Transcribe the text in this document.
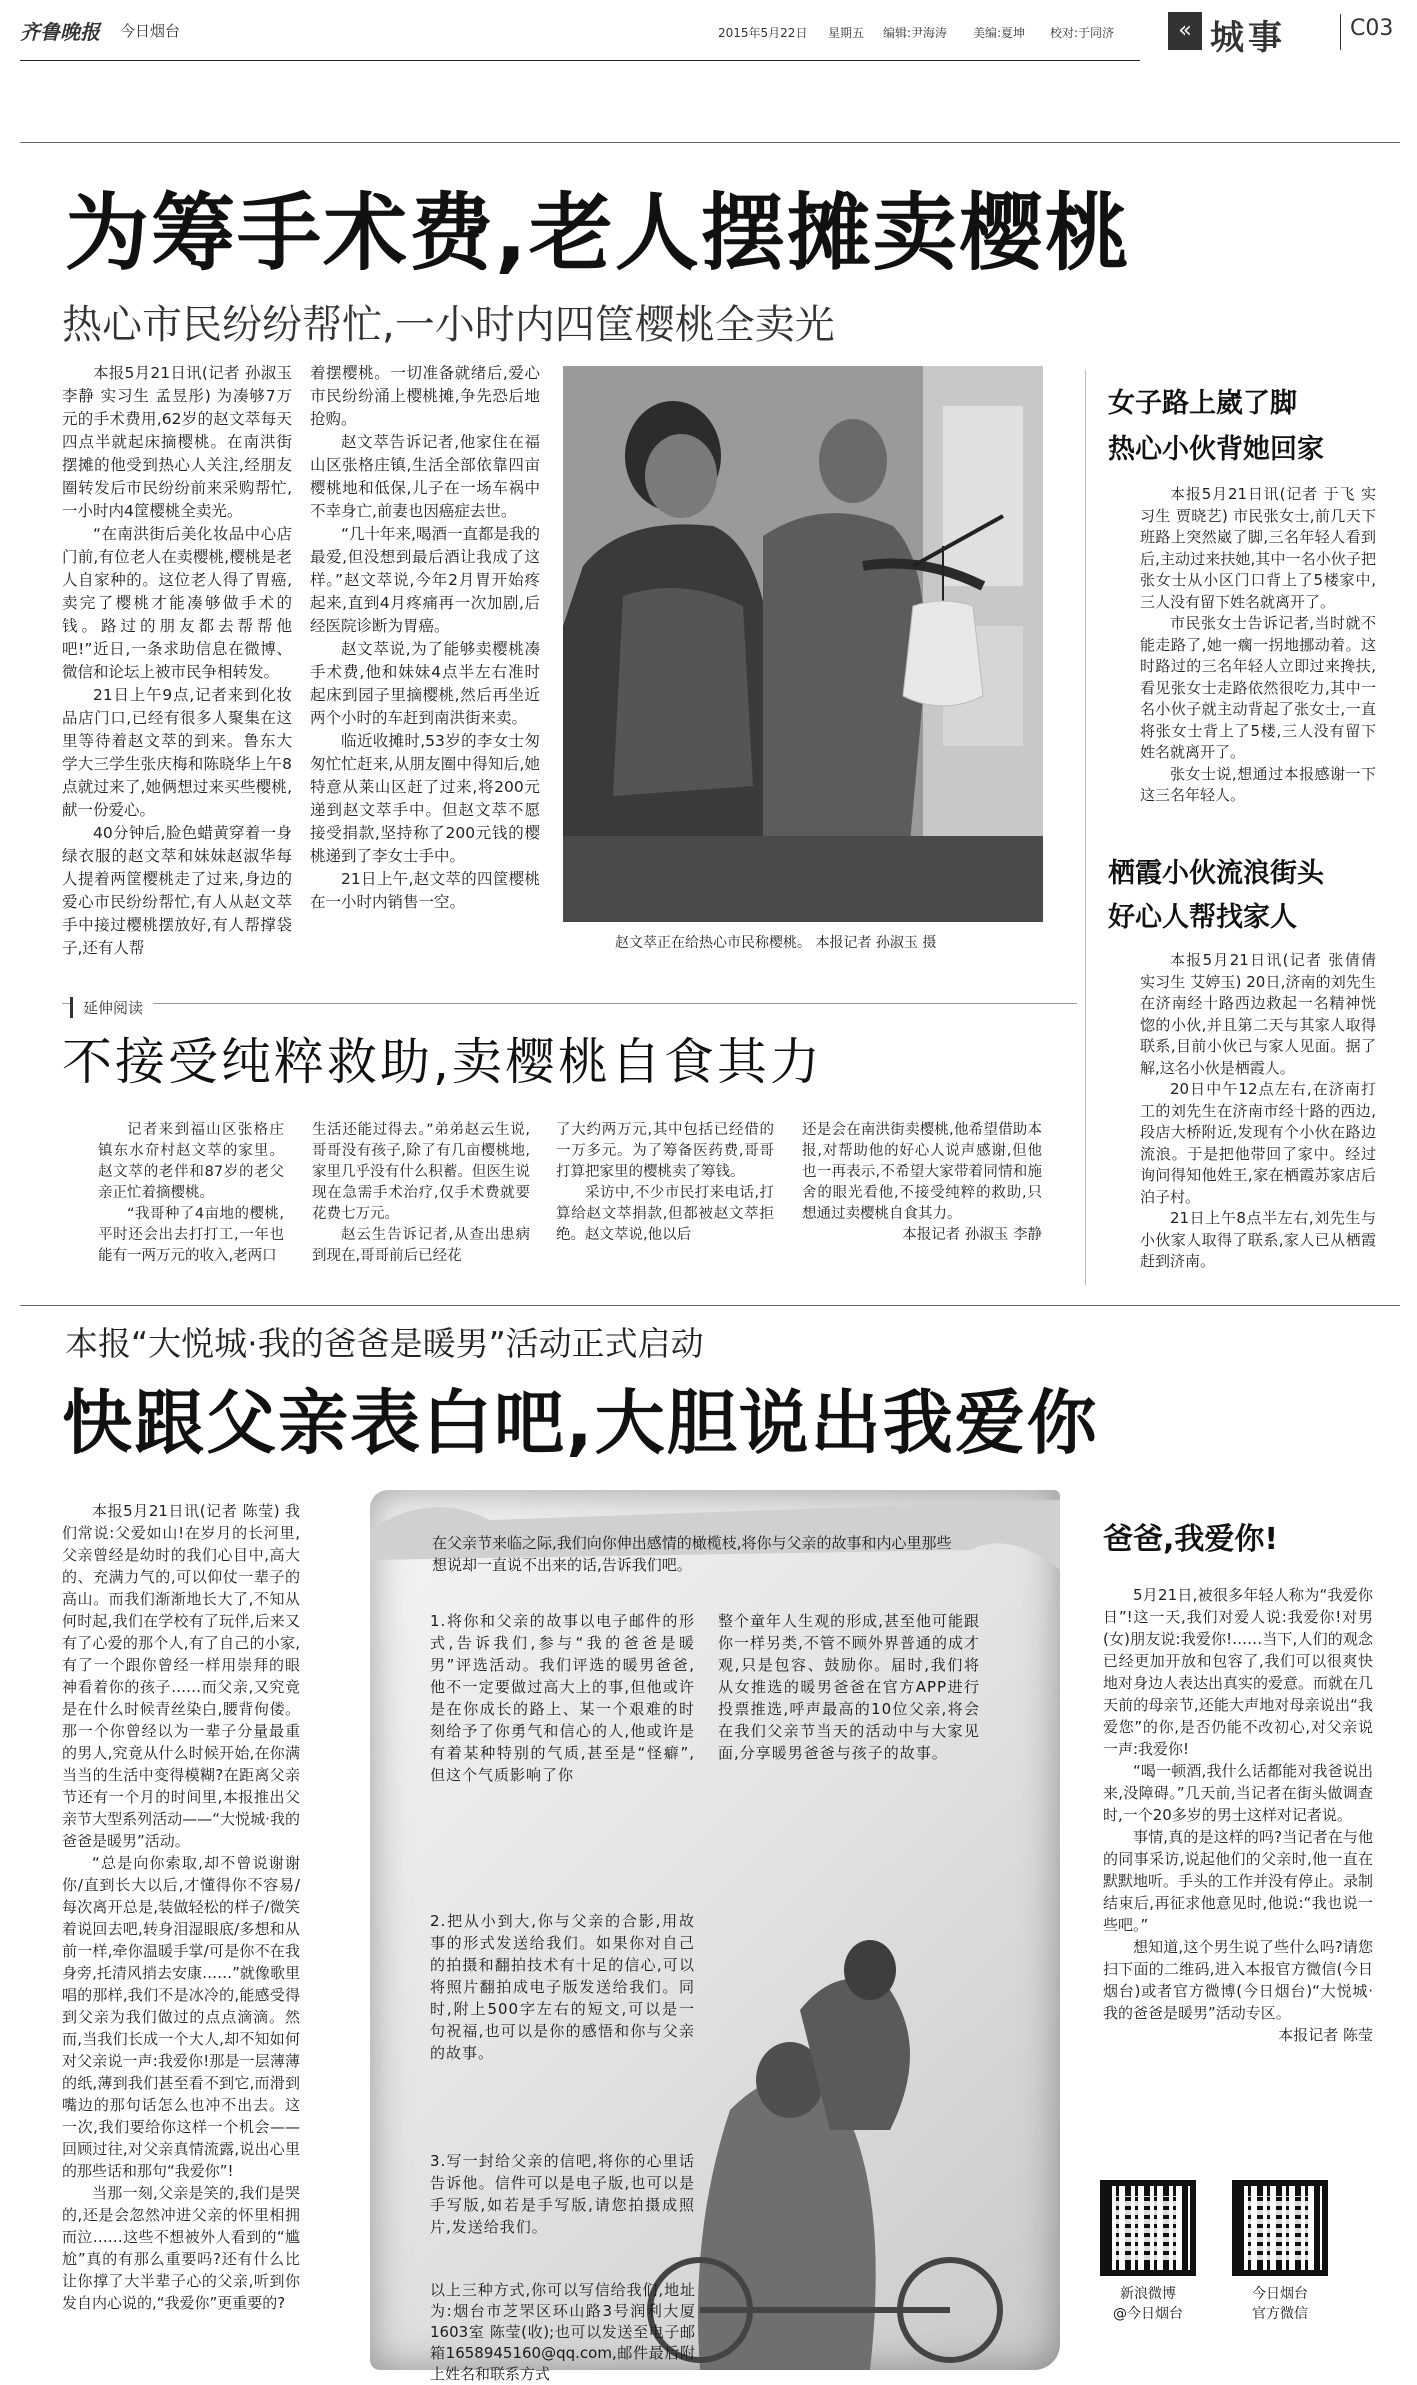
齐鲁晚报 今日烟台	2015年5月22日 星期五 编辑:尹海涛 美编:夏坤 校对:于同济	« 城事	C03
为筹手术费,老人摆摊卖樱桃
热心市民纷纷帮忙,一小时内四筐樱桃全卖光

本报5月21日讯(记者 孙淑玉 李静 实习生 孟昱彤) 为凑够7万元的手术费用,62岁的赵文萃每天四点半就起床摘樱桃。在南洪街摆摊的他受到热心人关注,经朋友圈转发后市民纷纷前来采购帮忙,一小时内4筐樱桃全卖光。

“在南洪街后美化妆品中心店门前,有位老人在卖樱桃,樱桃是老人自家种的。这位老人得了胃癌,卖完了樱桃才能凑够做手术的钱。路过的朋友都去帮帮他吧!”近日,一条求助信息在微博、微信和论坛上被市民争相转发。

21日上午9点,记者来到化妆品店门口,已经有很多人聚集在这里等待着赵文萃的到来。鲁东大学大三学生张庆梅和陈晓华上午8点就过来了,她俩想过来买些樱桃,献一份爱心。

40分钟后,脸色蜡黄穿着一身绿衣服的赵文萃和妹妹赵淑华每人提着两筐樱桃走了过来,身边的爱心市民纷纷帮忙,有人从赵文萃手中接过樱桃摆放好,有人帮撑袋子,还有人帮

着摆樱桃。一切准备就绪后,爱心市民纷纷涌上樱桃摊,争先恐后地抢购。

赵文萃告诉记者,他家住在福山区张格庄镇,生活全部依靠四亩樱桃地和低保,儿子在一场车祸中不幸身亡,前妻也因癌症去世。

“几十年来,喝酒一直都是我的最爱,但没想到最后酒让我成了这样。”赵文萃说,今年2月胃开始疼起来,直到4月疼痛再一次加剧,后经医院诊断为胃癌。

赵文萃说,为了能够卖樱桃凑手术费,他和妹妹4点半左右准时起床到园子里摘樱桃,然后再坐近两个小时的车赶到南洪街来卖。

临近收摊时,53岁的李女士匆匆忙忙赶来,从朋友圈中得知后,她特意从莱山区赶了过来,将200元递到赵文萃手中。但赵文萃不愿接受捐款,坚持称了200元钱的樱桃递到了李女士手中。

21日上午,赵文萃的四筐樱桃在一小时内销售一空。

赵文萃正在给热心市民称樱桃。 本报记者 孙淑玉 摄
女子路上崴了脚
热心小伙背她回家

本报5月21日讯(记者 于飞 实习生 贾晓艺) 市民张女士,前几天下班路上突然崴了脚,三名年轻人看到后,主动过来扶她,其中一名小伙子把张女士从小区门口背上了5楼家中,三人没有留下姓名就离开了。

市民张女士告诉记者,当时就不能走路了,她一瘸一拐地挪动着。这时路过的三名年轻人立即过来搀扶,看见张女士走路依然很吃力,其中一名小伙子就主动背起了张女士,一直将张女士背上了5楼,三人没有留下姓名就离开了。

张女士说,想通过本报感谢一下这三名年轻人。

栖霞小伙流浪街头
好心人帮找家人

本报5月21日讯(记者 张倩倩 实习生 艾婷玉) 20日,济南的刘先生在济南经十路西边救起一名精神恍惚的小伙,并且第二天与其家人取得联系,目前小伙已与家人见面。据了解,这名小伙是栖霞人。

20日中午12点左右,在济南打工的刘先生在济南市经十路的西边,段店大桥附近,发现有个小伙在路边流浪。于是把他带回了家中。经过询问得知他姓王,家在栖霞苏家店后泊子村。

21日上午8点半左右,刘先生与小伙家人取得了联系,家人已从栖霞赶到济南。

延伸阅读
不接受纯粹救助,卖樱桃自食其力

记者来到福山区张格庄镇东水夼村赵文萃的家里。赵文萃的老伴和87岁的老父亲正忙着摘樱桃。

“我哥种了4亩地的樱桃,平时还会出去打打工,一年也能有一两万元的收入,老两口

生活还能过得去。”弟弟赵云生说,哥哥没有孩子,除了有几亩樱桃地,家里几乎没有什么积蓄。但医生说现在急需手术治疗,仅手术费就要花费七万元。

赵云生告诉记者,从查出患病到现在,哥哥前后已经花

了大约两万元,其中包括已经借的一万多元。为了筹备医药费,哥哥打算把家里的樱桃卖了筹钱。

采访中,不少市民打来电话,打算给赵文萃捐款,但都被赵文萃拒绝。赵文萃说,他以后

还是会在南洪街卖樱桃,他希望借助本报,对帮助他的好心人说声感谢,但他也一再表示,不希望大家带着同情和施舍的眼光看他,不接受纯粹的救助,只想通过卖樱桃自食其力。

本报记者 孙淑玉 李静

本报“大悦城·我的爸爸是暖男”活动正式启动
快跟父亲表白吧,大胆说出我爱你

本报5月21日讯(记者 陈莹) 我们常说:父爱如山!在岁月的长河里,父亲曾经是幼时的我们心目中,高大的、充满力气的,可以仰仗一辈子的高山。而我们渐渐地长大了,不知从何时起,我们在学校有了玩伴,后来又有了心爱的那个人,有了自己的小家,有了一个跟你曾经一样用崇拜的眼神看着你的孩子……而父亲,又究竟是在什么时候青丝染白,腰背佝偻。那一个你曾经以为一辈子分量最重的男人,究竟从什么时候开始,在你满当当的生活中变得模糊?在距离父亲节还有一个月的时间里,本报推出父亲节大型系列活动——“大悦城·我的爸爸是暖男”活动。

“总是向你索取,却不曾说谢谢你/直到长大以后,才懂得你不容易/每次离开总是,装做轻松的样子/微笑着说回去吧,转身泪湿眼底/多想和从前一样,牵你温暖手掌/可是你不在我身旁,托清风捎去安康……”就像歌里唱的那样,我们不是冰冷的,能感受得到父亲为我们做过的点点滴滴。然而,当我们长成一个大人,却不知如何对父亲说一声:我爱你!那是一层薄薄的纸,薄到我们甚至看不到它,而滑到嘴边的那句话怎么也冲不出去。这一次,我们要给你这样一个机会——回顾过往,对父亲真情流露,说出心里的那些话和那句“我爱你”!

当那一刻,父亲是笑的,我们是哭的,还是会忽然冲进父亲的怀里相拥而泣……这些不想被外人看到的“尴尬”真的有那么重要吗?还有什么比让你撑了大半辈子心的父亲,听到你发自内心说的,“我爱你”更重要的?

在父亲节来临之际,我们向你伸出感情的橄榄枝,将你与父亲的故事和内心里那些想说却一直说不出来的话,告诉我们吧。
1.将你和父亲的故事以电子邮件的形式,告诉我们,参与“我的爸爸是暖男”评选活动。我们评选的暖男爸爸,他不一定要做过高大上的事,但他或许是在你成长的路上、某一个艰难的时刻给予了你勇气和信心的人,他或许是有着某种特别的气质,甚至是“怪癖”,但这个气质影响了你
整个童年人生观的形成,甚至他可能跟你一样另类,不管不顾外界普通的成才观,只是包容、鼓励你。届时,我们将从女推选的暖男爸爸在官方APP进行投票推选,呼声最高的10位父亲,将会在我们父亲节当天的活动中与大家见面,分享暖男爸爸与孩子的故事。
2.把从小到大,你与父亲的合影,用故事的形式发送给我们。如果你对自己的拍摄和翻拍技术有十足的信心,可以将照片翻拍成电子版发送给我们。同时,附上500字左右的短文,可以是一句祝福,也可以是你的感悟和你与父亲的故事。
3.写一封给父亲的信吧,将你的心里话告诉他。信件可以是电子版,也可以是手写版,如若是手写版,请您拍摄成照片,发送给我们。
以上三种方式,你可以写信给我们,地址为:烟台市芝罘区环山路3号润利大厦1603室 陈莹(收);也可以发送至电子邮箱1658945160@qq.com,邮件最后附上姓名和联系方式
爸爸,我爱你!

5月21日,被很多年轻人称为“我爱你日”!这一天,我们对爱人说:我爱你!对男(女)朋友说:我爱你!……当下,人们的观念已经更加开放和包容了,我们可以很爽快地对身边人表达出真实的爱意。而就在几天前的母亲节,还能大声地对母亲说出“我爱您”的你,是否仍能不改初心,对父亲说一声:我爱你!

“喝一顿酒,我什么话都能对我爸说出来,没障碍。”几天前,当记者在街头做调查时,一个20多岁的男士这样对记者说。

事情,真的是这样的吗?当记者在与他的同事采访,说起他们的父亲时,他一直在默默地听。手头的工作并没有停止。录制结束后,再征求他意见时,他说:“我也说一些吧。”

想知道,这个男生说了些什么吗?请您扫下面的二维码,进入本报官方微信(今日烟台)或者官方微博(今日烟台)“大悦城·我的爸爸是暖男”活动专区。

本报记者 陈莹

新浪微博
@今日烟台
今日烟台
官方微信
